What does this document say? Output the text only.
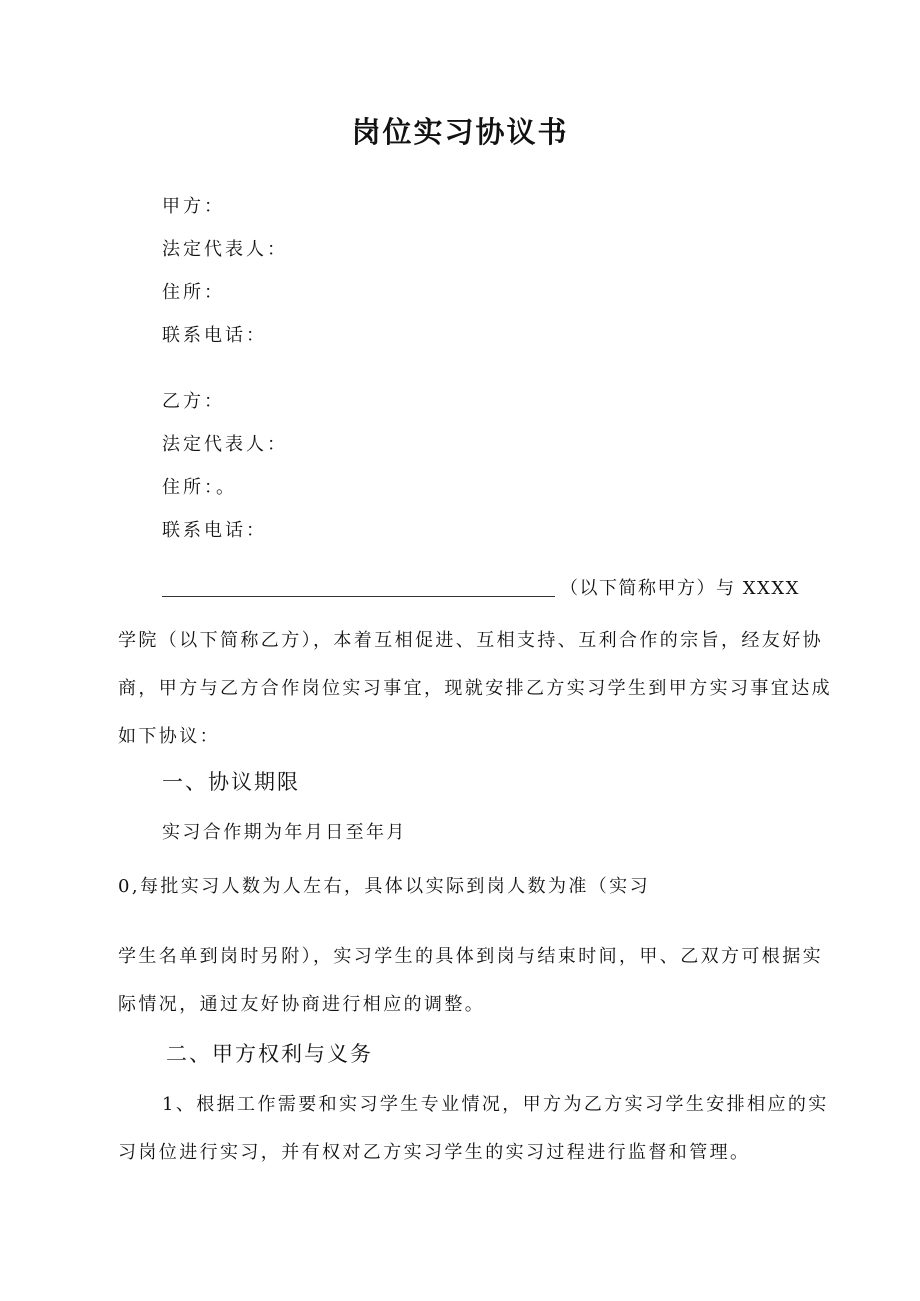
岗位实习协议书
甲方：
法定代表人：
住所：
联系电话：
乙方：
法定代表人：
住所：。
联系电话：
（以下简称甲方）与 XXXX
学院（以下简称乙方），本着互相促进、互相支持、互利合作的宗旨，经友好协
商，甲方与乙方合作岗位实习事宜，现就安排乙方实习学生到甲方实习事宜达成
如下协议：
一、协议期限
实习合作期为年月日至年月
0,每批实习人数为人左右，具体以实际到岗人数为准（实习
学生名单到岗时另附），实习学生的具体到岗与结束时间，甲、乙双方可根据实
际情况，通过友好协商进行相应的调整。
二、甲方权利与义务
1、根据工作需要和实习学生专业情况，甲方为乙方实习学生安排相应的实
习岗位进行实习，并有权对乙方实习学生的实习过程进行监督和管理。
